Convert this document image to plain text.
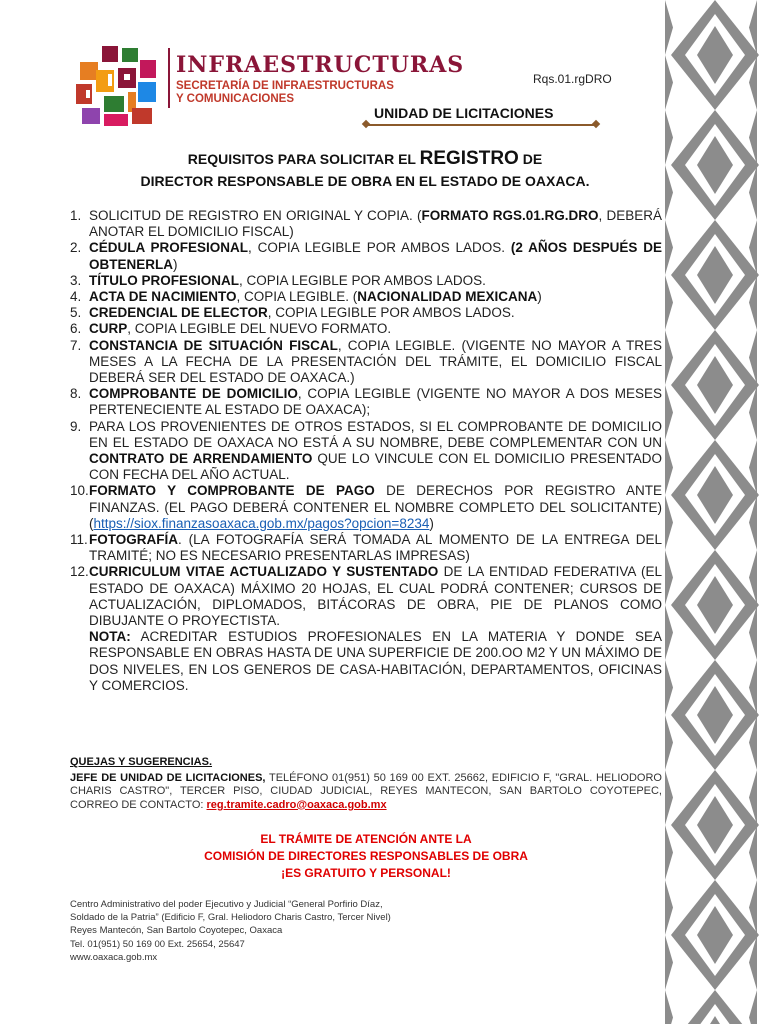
INFRAESTRUCTURAS
SECRETARÍA DE INFRAESTRUCTURAS
Y COMUNICACIONES
Rqs.01.rgDRO
UNIDAD DE LICITACIONES
REQUISITOS PARA SOLICITAR EL REGISTRO DE
DIRECTOR RESPONSABLE DE OBRA EN EL ESTADO DE OAXACA.
1. SOLICITUD DE REGISTRO EN ORIGINAL Y COPIA. (FORMATO RGS.01.RG.DRO, DEBERÁ ANOTAR EL DOMICILIO FISCAL)
2. CÉDULA PROFESIONAL, COPIA LEGIBLE POR AMBOS LADOS. (2 AÑOS DESPUÉS DE OBTENERLA)
3. TÍTULO PROFESIONAL, COPIA LEGIBLE POR AMBOS LADOS.
4. ACTA DE NACIMIENTO, COPIA LEGIBLE. (NACIONALIDAD MEXICANA)
5. CREDENCIAL DE ELECTOR, COPIA LEGIBLE POR AMBOS LADOS.
6. CURP, COPIA LEGIBLE DEL NUEVO FORMATO.
7. CONSTANCIA DE SITUACIÓN FISCAL, COPIA LEGIBLE. (VIGENTE NO MAYOR A TRES MESES A LA FECHA DE LA PRESENTACIÓN DEL TRÁMITE, EL DOMICILIO FISCAL DEBERÁ SER DEL ESTADO DE OAXACA.)
8. COMPROBANTE DE DOMICILIO, COPIA LEGIBLE (VIGENTE NO MAYOR A DOS MESES PERTENECIENTE AL ESTADO DE OAXACA);
9. PARA LOS PROVENIENTES DE OTROS ESTADOS, SI EL COMPROBANTE DE DOMICILIO EN EL ESTADO DE OAXACA NO ESTÁ A SU NOMBRE, DEBE COMPLEMENTAR CON UN CONTRATO DE ARRENDAMIENTO QUE LO VINCULE CON EL DOMICILIO PRESENTADO CON FECHA DEL AÑO ACTUAL.
10. FORMATO Y COMPROBANTE DE PAGO DE DERECHOS POR REGISTRO ANTE FINANZAS. (EL PAGO DEBERÁ CONTENER EL NOMBRE COMPLETO DEL SOLICITANTE) (https://siox.finanzasoaxaca.gob.mx/pagos?opcion=8234)
11. FOTOGRAFÍA. (LA FOTOGRAFÍA SERÁ TOMADA AL MOMENTO DE LA ENTREGA DEL TRAMITÉ; NO ES NECESARIO PRESENTARLAS IMPRESAS)
12. CURRICULUM VITAE ACTUALIZADO Y SUSTENTADO DE LA ENTIDAD FEDERATIVA (EL ESTADO DE OAXACA) MÁXIMO 20 HOJAS, EL CUAL PODRÁ CONTENER; CURSOS DE ACTUALIZACIÓN, DIPLOMADOS, BITÁCORAS DE OBRA, PIE DE PLANOS COMO DIBUJANTE O PROYECTISTA.
NOTA: ACREDITAR ESTUDIOS PROFESIONALES EN LA MATERIA Y DONDE SEA RESPONSABLE EN OBRAS HASTA DE UNA SUPERFICIE DE 200.OO M2 Y UN MÁXIMO DE DOS NIVELES, EN LOS GENEROS DE CASA-HABITACIÓN, DEPARTAMENTOS, OFICINAS Y COMERCIOS.
QUEJAS Y SUGERENCIAS.
JEFE DE UNIDAD DE LICITACIONES, TELÉFONO 01(951) 50 169 00 EXT. 25662, EDIFICIO F, "GRAL. HELIODORO CHARIS CASTRO", TERCER PISO, CIUDAD JUDICIAL, REYES MANTECON, SAN BARTOLO COYOTEPEC, CORREO DE CONTACTO: reg.tramite.cadro@oaxaca.gob.mx
EL TRÁMITE DE ATENCIÓN ANTE LA
COMISIÓN DE DIRECTORES RESPONSABLES DE OBRA
¡ES GRATUITO Y PERSONAL!
Centro Administrativo del poder Ejecutivo y Judicial “General Porfirio Díaz,
Soldado de la Patria” (Edificio F, Gral. Heliodoro Charis Castro, Tercer Nivel)
Reyes Mantecón, San Bartolo Coyotepec, Oaxaca
Tel. 01(951) 50 169 00 Ext. 25654, 25647
www.oaxaca.gob.mx
